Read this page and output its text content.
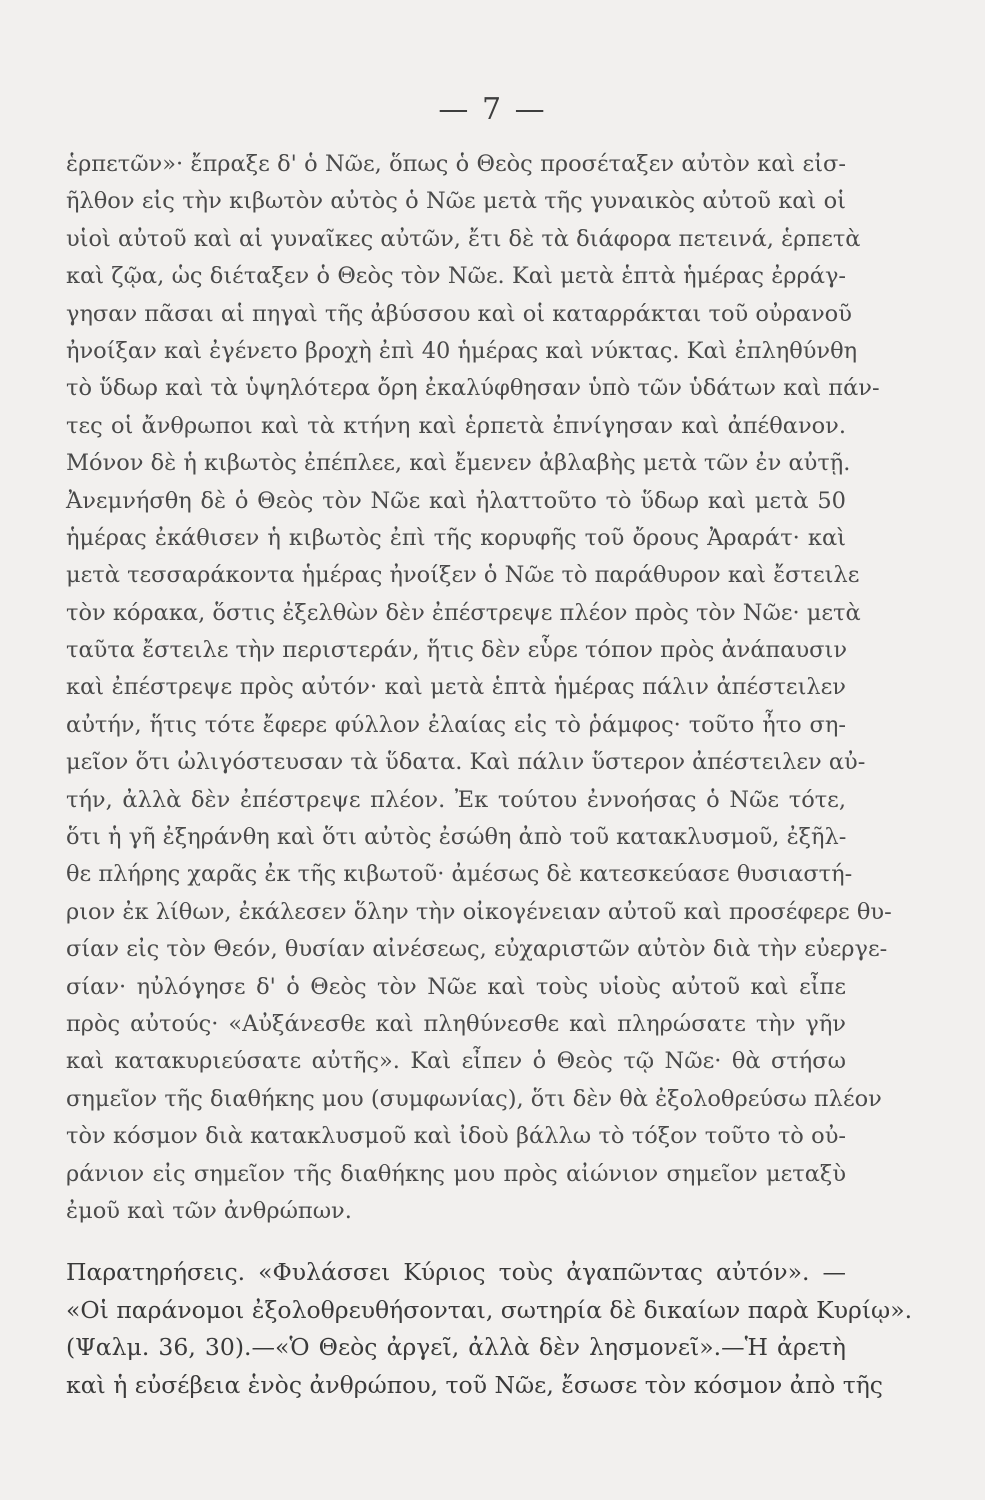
— 7 —
ἑρπετῶν»· ἔπραξε δ' ὁ Νῶε, ὅπως ὁ Θεὸς προσέταξεν αὐτὸν καὶ εἰσ-
ῆλθον εἰς τὴν κιβωτὸν αὐτὸς ὁ Νῶε μετὰ τῆς γυναικὸς αὐτοῦ καὶ οἱ
υἱοὶ αὐτοῦ καὶ αἱ γυναῖκες αὐτῶν, ἔτι δὲ τὰ διάφορα πετεινά, ἑρπετὰ
καὶ ζῷα, ὡς διέταξεν ὁ Θεὸς τὸν Νῶε. Καὶ μετὰ ἑπτὰ ἡμέρας ἐρράγ-
γησαν πᾶσαι αἱ πηγαὶ τῆς ἀβύσσου καὶ οἱ καταρράκται τοῦ οὐρανοῦ
ἠνοίξαν καὶ ἐγένετο βροχὴ ἐπὶ 40 ἡμέρας καὶ νύκτας. Καὶ ἐπληθύνθη
τὸ ὕδωρ καὶ τὰ ὑψηλότερα ὄρη ἐκαλύφθησαν ὑπὸ τῶν ὑδάτων καὶ πάν-
τες οἱ ἄνθρωποι καὶ τὰ κτήνη καὶ ἑρπετὰ ἐπνίγησαν καὶ ἀπέθανον.
Μόνον δὲ ἡ κιβωτὸς ἐπέπλεε, καὶ ἔμενεν ἀβλαβὴς μετὰ τῶν ἐν αὐτῇ.
Ἀνεμνήσθη δὲ ὁ Θεὸς τὸν Νῶε καὶ ἠλαττοῦτο τὸ ὕδωρ καὶ μετὰ 50
ἡμέρας ἐκάθισεν ἡ κιβωτὸς ἐπὶ τῆς κορυφῆς τοῦ ὄρους Ἀραράτ· καὶ
μετὰ τεσσαράκοντα ἡμέρας ἠνοίξεν ὁ Νῶε τὸ παράθυρον καὶ ἔστειλε
τὸν κόρακα, ὅστις ἐξελθὼν δὲν ἐπέστρεψε πλέον πρὸς τὸν Νῶε· μετὰ
ταῦτα ἔστειλε τὴν περιστεράν, ἥτις δὲν εὗρε τόπον πρὸς ἀνάπαυσιν
καὶ ἐπέστρεψε πρὸς αὐτόν· καὶ μετὰ ἑπτὰ ἡμέρας πάλιν ἀπέστειλεν
αὐτήν, ἥτις τότε ἔφερε φύλλον ἐλαίας εἰς τὸ ῥάμφος· τοῦτο ἦτο ση-
μεῖον ὅτι ὠλιγόστευσαν τὰ ὕδατα. Καὶ πάλιν ὕστερον ἀπέστειλεν αὐ-
τήν, ἀλλὰ δὲν ἐπέστρεψε πλέον. Ἐκ τούτου ἐννοήσας ὁ Νῶε τότε,
ὅτι ἡ γῆ ἐξηράνθη καὶ ὅτι αὐτὸς ἐσώθη ἀπὸ τοῦ κατακλυσμοῦ, ἐξῆλ-
θε πλήρης χαρᾶς ἐκ τῆς κιβωτοῦ· ἀμέσως δὲ κατεσκεύασε θυσιαστή-
ριον ἐκ λίθων, ἐκάλεσεν ὅλην τὴν οἰκογένειαν αὐτοῦ καὶ προσέφερε θυ-
σίαν εἰς τὸν Θεόν, θυσίαν αἰνέσεως, εὐχαριστῶν αὐτὸν διὰ τὴν εὐεργε-
σίαν· ηὐλόγησε δ' ὁ Θεὸς τὸν Νῶε καὶ τοὺς υἱοὺς αὐτοῦ καὶ εἶπε
πρὸς αὐτούς· «Αὐξάνεσθε καὶ πληθύνεσθε καὶ πληρώσατε τὴν γῆν
καὶ κατακυριεύσατε αὐτῆς». Καὶ εἶπεν ὁ Θεὸς τῷ Νῶε· θὰ στήσω
σημεῖον τῆς διαθήκης μου (συμφωνίας), ὅτι δὲν θὰ ἐξολοθρεύσω πλέον
τὸν κόσμον διὰ κατακλυσμοῦ καὶ ἰδοὺ βάλλω τὸ τόξον τοῦτο τὸ οὐ-
ράνιον εἰς σημεῖον τῆς διαθήκης μου πρὸς αἰώνιον σημεῖον μεταξὺ
ἐμοῦ καὶ τῶν ἀνθρώπων.
Παρατηρήσεις. «Φυλάσσει Κύριος τοὺς ἀγαπῶντας αὐτόν». —
«Οἱ παράνομοι ἐξολοθρευθήσονται, σωτηρία δὲ δικαίων παρὰ Κυρίῳ».
(Ψαλμ. 36, 30).—«Ὁ Θεὸς ἀργεῖ, ἀλλὰ δὲν λησμονεῖ».—Ἡ ἀρετὴ
καὶ ἡ εὐσέβεια ἑνὸς ἀνθρώπου, τοῦ Νῶε, ἔσωσε τὸν κόσμον ἀπὸ τῆς
